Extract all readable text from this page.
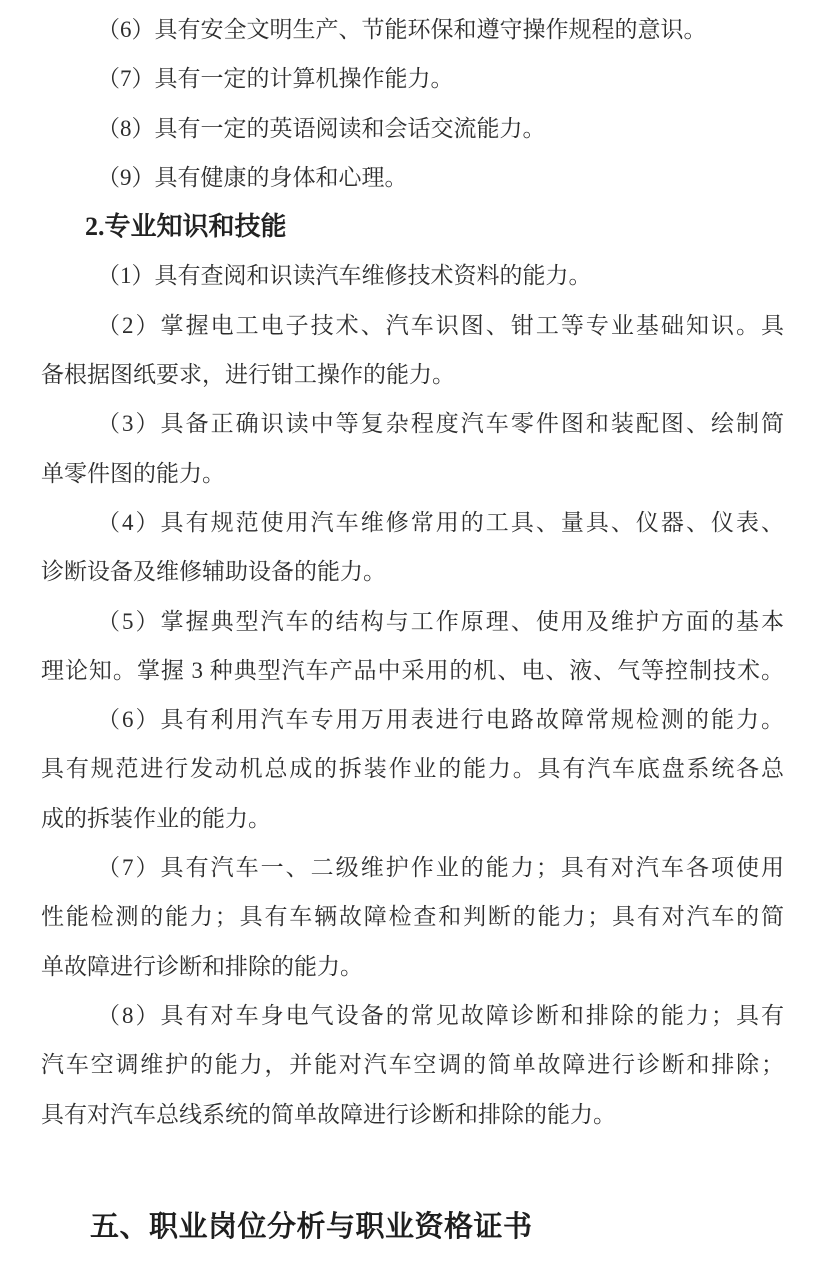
（6）具有安全文明生产、节能环保和遵守操作规程的意识。
（7）具有一定的计算机操作能力。
（8）具有一定的英语阅读和会话交流能力。
（9）具有健康的身体和心理。
2.专业知识和技能
（1）具有查阅和识读汽车维修技术资料的能力。
（2）掌握电工电子技术、汽车识图、钳工等专业基础知识。具
备根据图纸要求，进行钳工操作的能力。
（3）具备正确识读中等复杂程度汽车零件图和装配图、绘制简
单零件图的能力。
（4）具有规范使用汽车维修常用的工具、量具、仪器、仪表、
诊断设备及维修辅助设备的能力。
（5）掌握典型汽车的结构与工作原理、使用及维护方面的基本
理论知。掌握 3 种典型汽车产品中采用的机、电、液、气等控制技术。
（6）具有利用汽车专用万用表进行电路故障常规检测的能力。
具有规范进行发动机总成的拆装作业的能力。具有汽车底盘系统各总
成的拆装作业的能力。
（7）具有汽车一、二级维护作业的能力；具有对汽车各项使用
性能检测的能力；具有车辆故障检查和判断的能力；具有对汽车的简
单故障进行诊断和排除的能力。
（8）具有对车身电气设备的常见故障诊断和排除的能力；具有
汽车空调维护的能力，并能对汽车空调的简单故障进行诊断和排除；
具有对汽车总线系统的简单故障进行诊断和排除的能力。
五、职业岗位分析与职业资格证书
